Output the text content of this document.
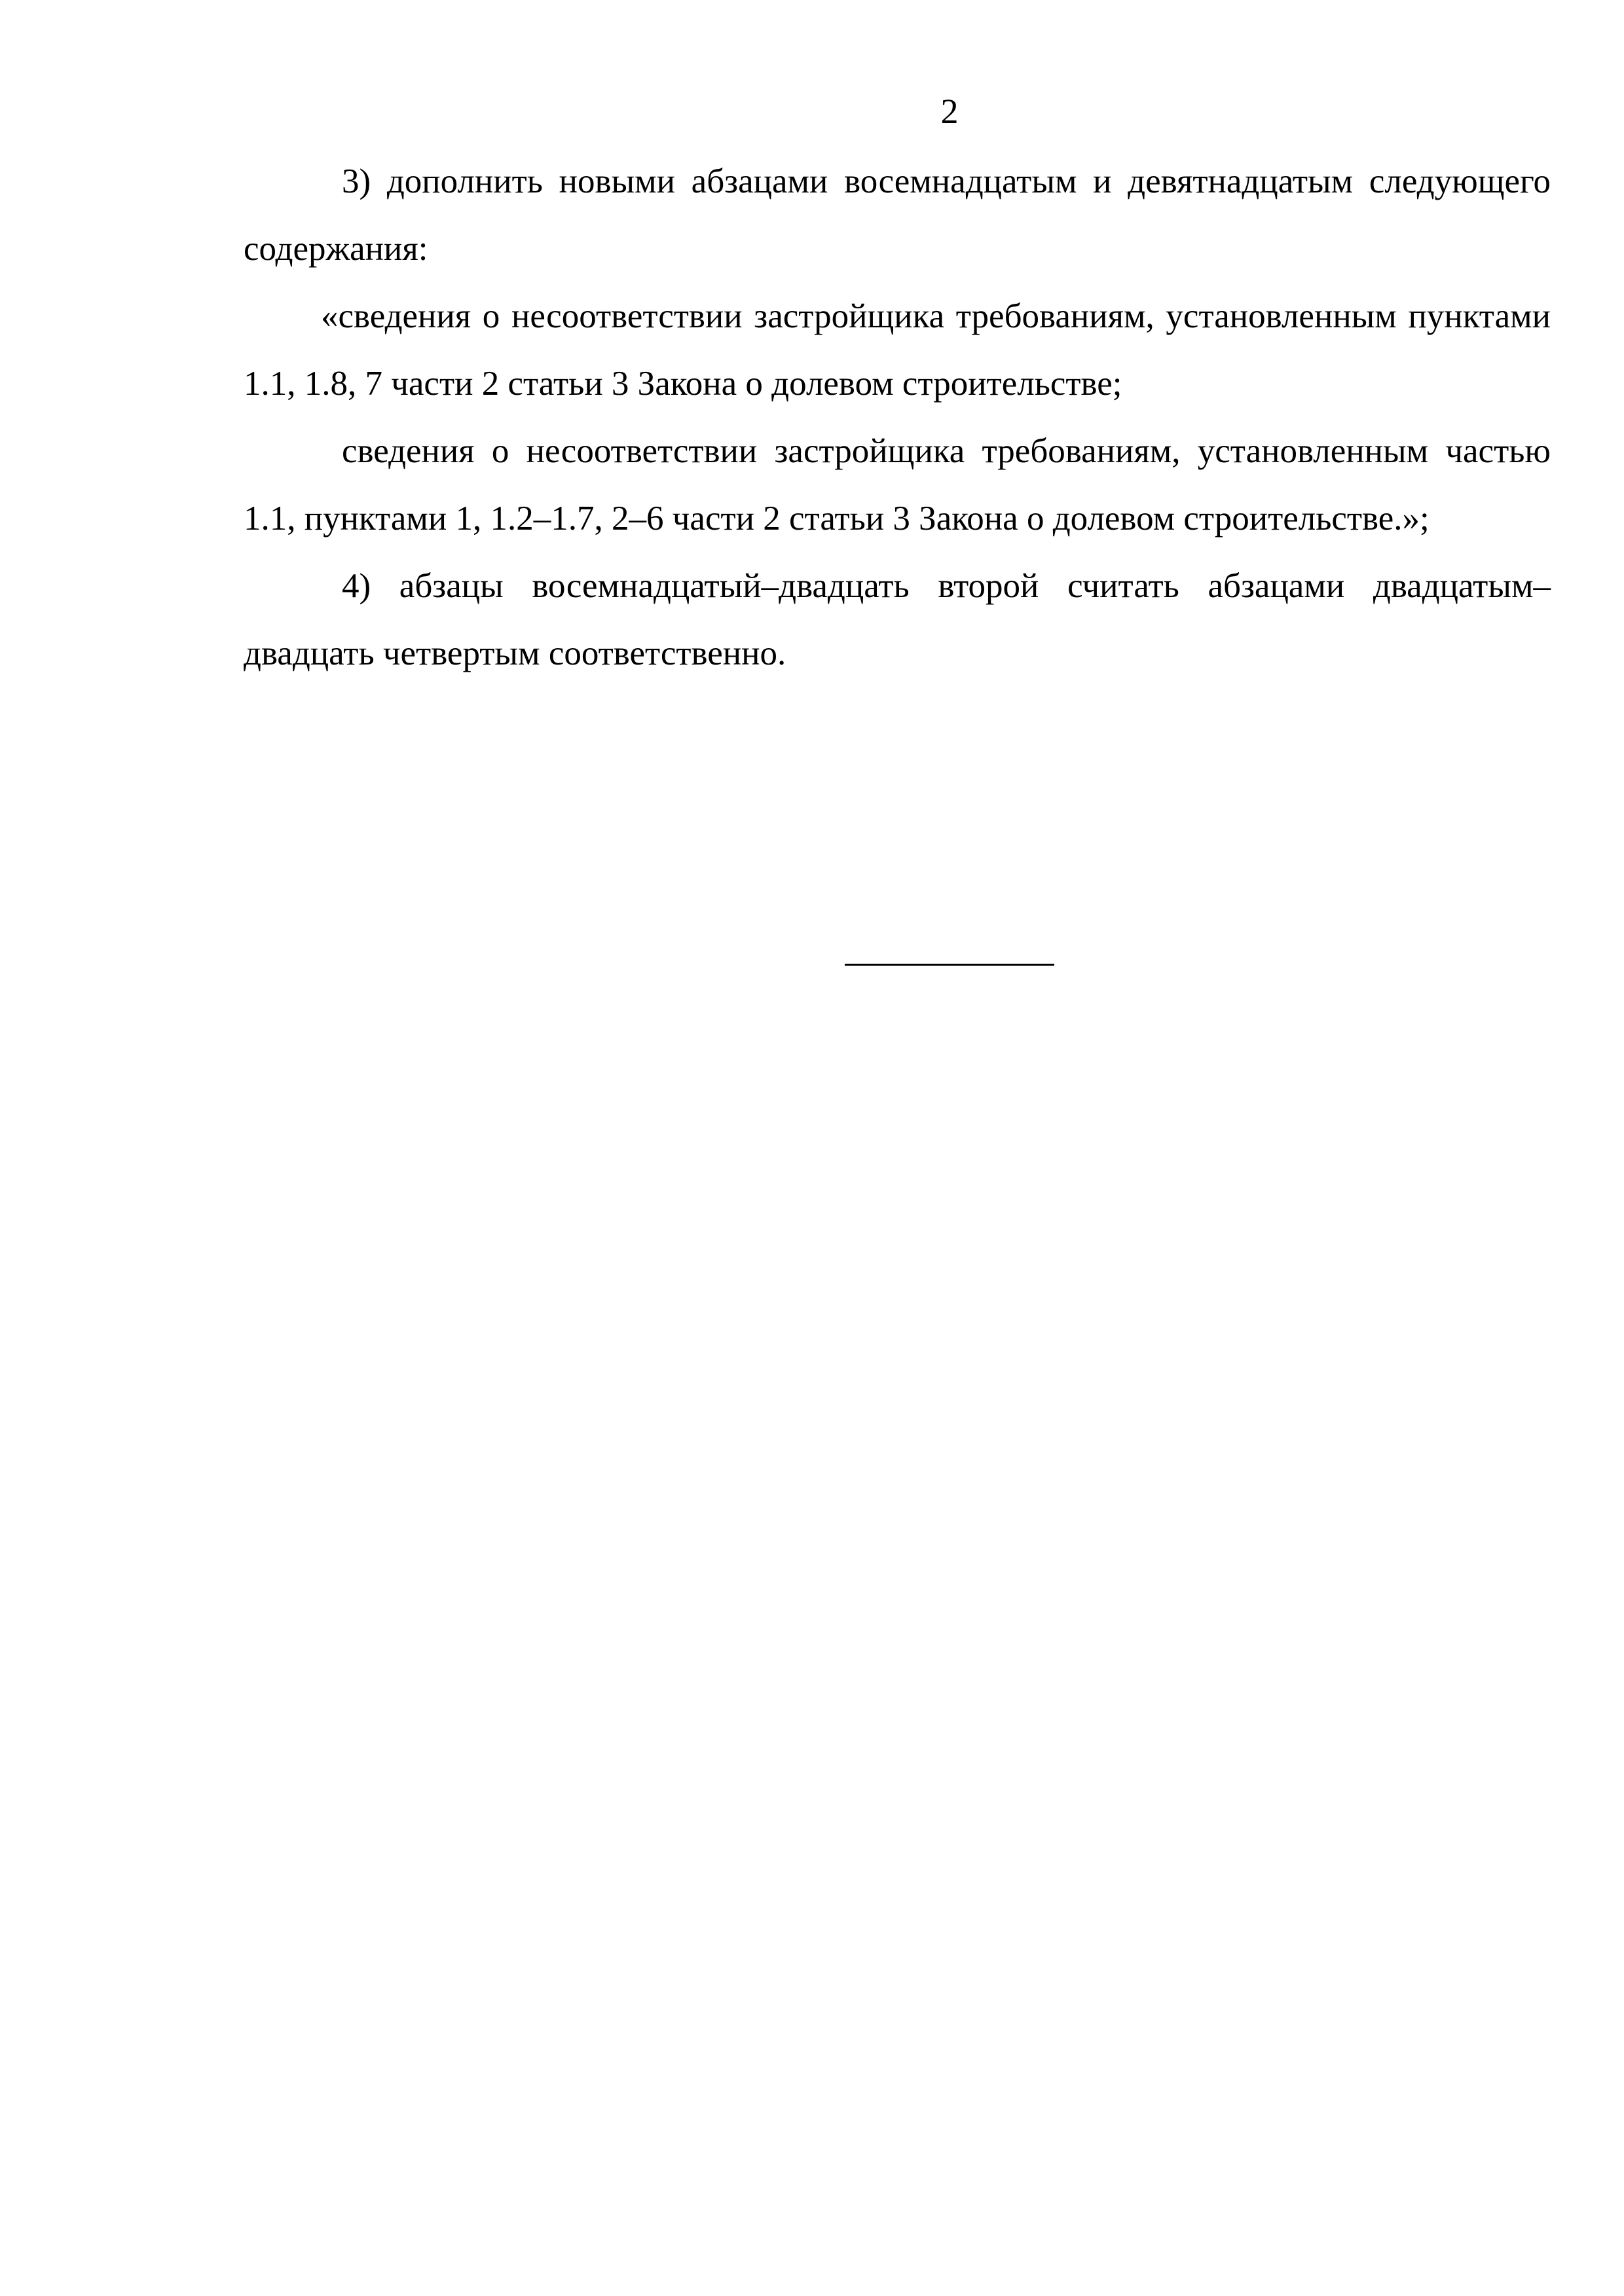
2

3) дополнить новыми абзацами восемнадцатым и девятнадцатым следующего содержания:

«сведения о несоответствии застройщика требованиям, установленным пунктами 1.1, 1.8, 7 части 2 статьи 3 Закона о долевом строительстве;

сведения о несоответствии застройщика требованиям, установленным частью 1.1, пунктами 1, 1.2–1.7, 2–6 части 2 статьи 3 Закона о долевом строительстве.»;

4) абзацы восемнадцатый–двадцать второй считать абзацами двадцатым–двадцать четвертым соответственно.
